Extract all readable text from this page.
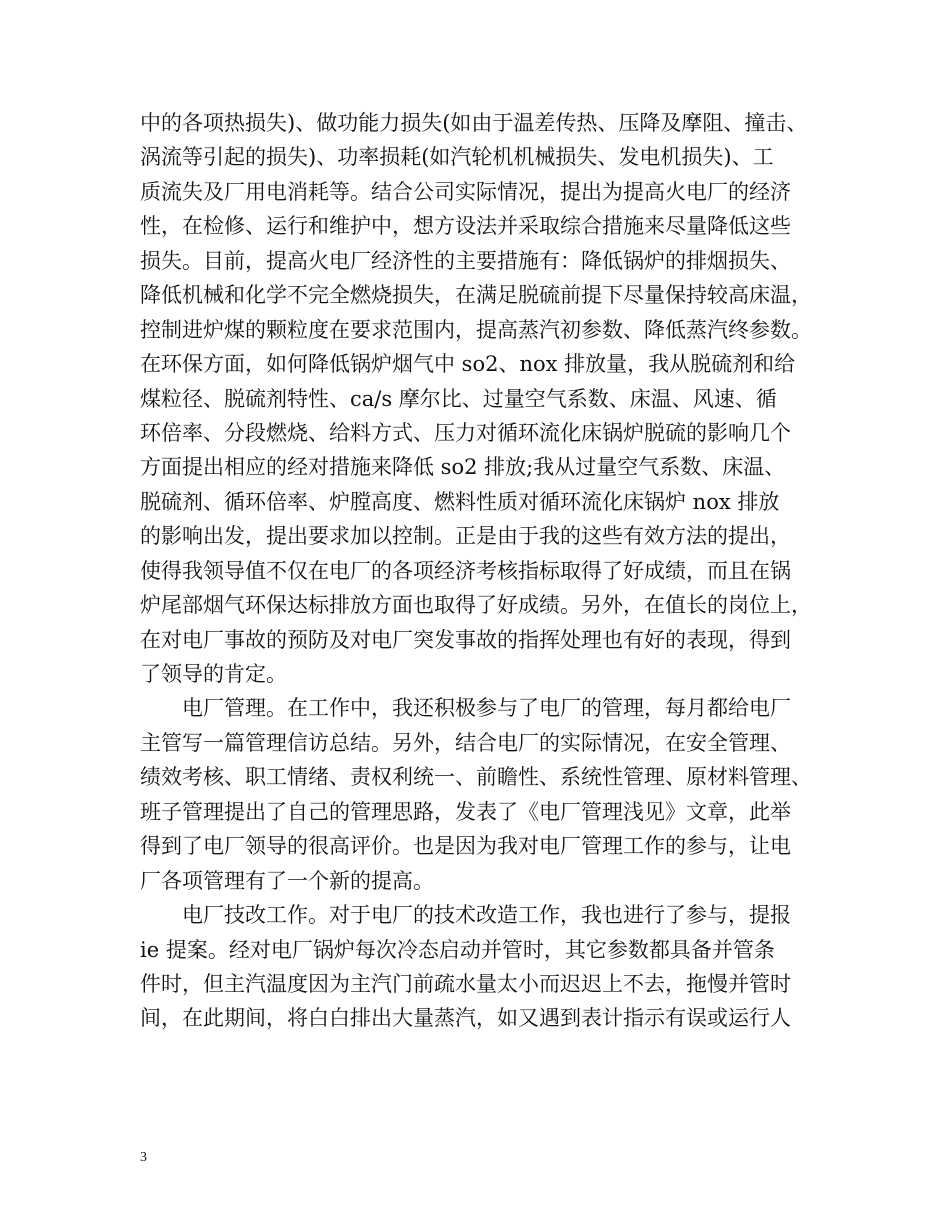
中的各项热损失)、做功能力损失(如由于温差传热、压降及摩阻、撞击、
涡流等引起的损失)、功率损耗(如汽轮机机械损失、发电机损失)、工
质流失及厂用电消耗等。结合公司实际情况，提出为提高火电厂的经济
性，在检修、运行和维护中，想方设法并采取综合措施来尽量降低这些
损失。目前，提高火电厂经济性的主要措施有：降低锅炉的排烟损失、
降低机械和化学不完全燃烧损失，在满足脱硫前提下尽量保持较高床温，
控制进炉煤的颗粒度在要求范围内，提高蒸汽初参数、降低蒸汽终参数。
在环保方面，如何降低锅炉烟气中 so2、nox 排放量，我从脱硫剂和给
煤粒径、脱硫剂特性、ca/s 摩尔比、过量空气系数、床温、风速、循
环倍率、分段燃烧、给料方式、压力对循环流化床锅炉脱硫的影响几个
方面提出相应的经对措施来降低 so2 排放;我从过量空气系数、床温、
脱硫剂、循环倍率、炉膛高度、燃料性质对循环流化床锅炉 nox 排放
的影响出发，提出要求加以控制。正是由于我的这些有效方法的提出，
使得我领导值不仅在电厂的各项经济考核指标取得了好成绩，而且在锅
炉尾部烟气环保达标排放方面也取得了好成绩。另外，在值长的岗位上，
在对电厂事故的预防及对电厂突发事故的指挥处理也有好的表现，得到
了领导的肯定。
电厂管理。在工作中，我还积极参与了电厂的管理，每月都给电厂
主管写一篇管理信访总结。另外，结合电厂的实际情况，在安全管理、
绩效考核、职工情绪、责权利统一、前瞻性、系统性管理、原材料管理、
班子管理提出了自己的管理思路，发表了《电厂管理浅见》文章，此举
得到了电厂领导的很高评价。也是因为我对电厂管理工作的参与，让电
厂各项管理有了一个新的提高。
电厂技改工作。对于电厂的技术改造工作，我也进行了参与，提报
ie 提案。经对电厂锅炉每次冷态启动并管时，其它参数都具备并管条
件时，但主汽温度因为主汽门前疏水量太小而迟迟上不去，拖慢并管时
间，在此期间，将白白排出大量蒸汽，如又遇到表计指示有误或运行人
3
